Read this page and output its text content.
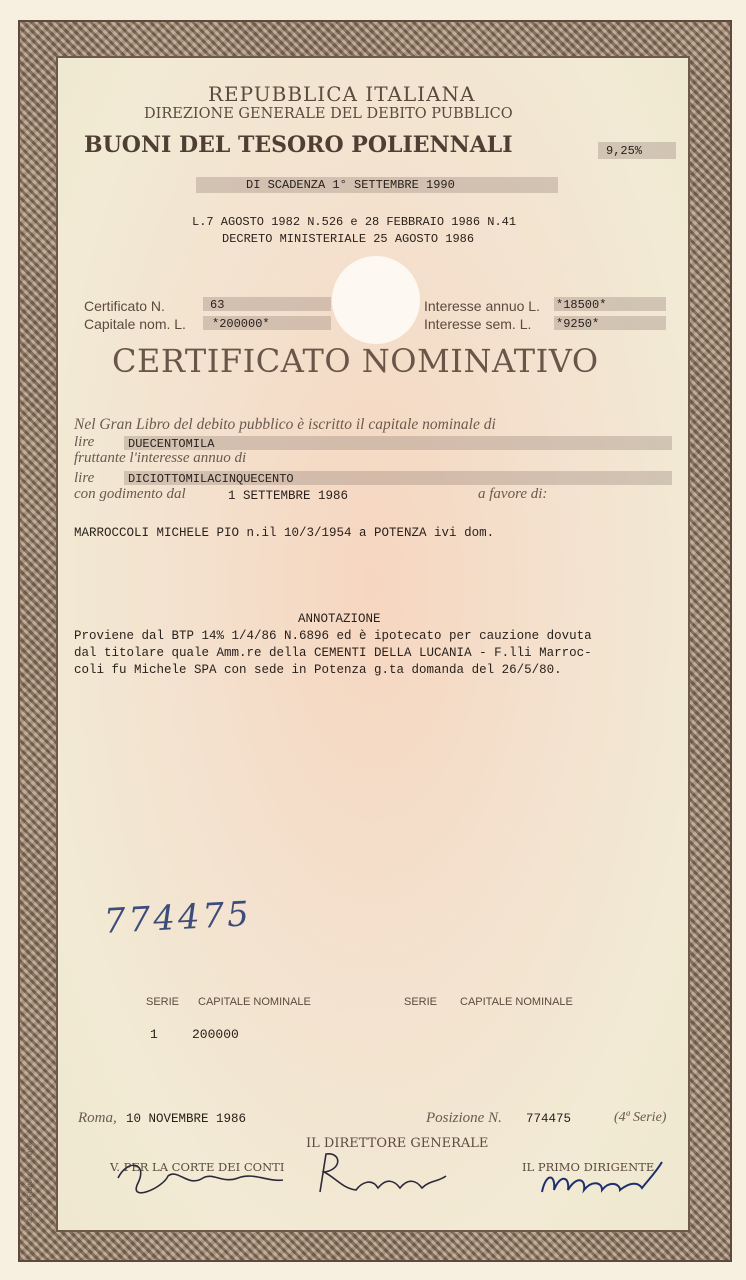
REPUBBLICA ITALIANA
DIREZIONE GENERALE DEL DEBITO PUBBLICO
BUONI DEL TESORO POLIENNALI	9,25%
DI SCADENZA 1° SETTEMBRE 1990
L.7 AGOSTO 1982 N.526 e 28 FEBBRAIO 1986 N.41
DECRETO MINISTERIALE 25 AGOSTO 1986
Certificato N.	63
Capitale nom. L. *200000*
Interesse annuo L. *18500*
Interesse sem. L. *9250*
CERTIFICATO NOMINATIVO
Nel Gran Libro del debito pubblico è iscritto il capitale nominale di
lire	DUECENTOMILA
fruttante l'interesse annuo di
lire	DICIOTTOMILACINQUECENTO
con godimento dal	1 SETTEMBRE 1986	a favore di:
MARROCCOLI MICHELE PIO n.il 10/3/1954 a POTENZA ivi dom.
ANNOTAZIONE
Proviene dal BTP 14% 1/4/86 N.6896 ed è ipotecato per cauzione dovuta
dal titolare quale Amm.re della CEMENTI DELLA LUCANIA - F.lli Marroc-
coli fu Michele SPA con sede in Potenza g.ta domanda del 26/5/80.
774475
SERIE CAPITALE NOMINALE	SERIE CAPITALE NOMINALE
1	200000
Roma, 10 NOVEMBRE 1986	Posizione N. 774475	(4ª Serie)
IL DIRETTORE GENERALE
V. PER LA CORTE DEI CONTI	IL PRIMO DIRIGENTE
I.P.Z.S. - OFFICINA C.V. - ROMA
